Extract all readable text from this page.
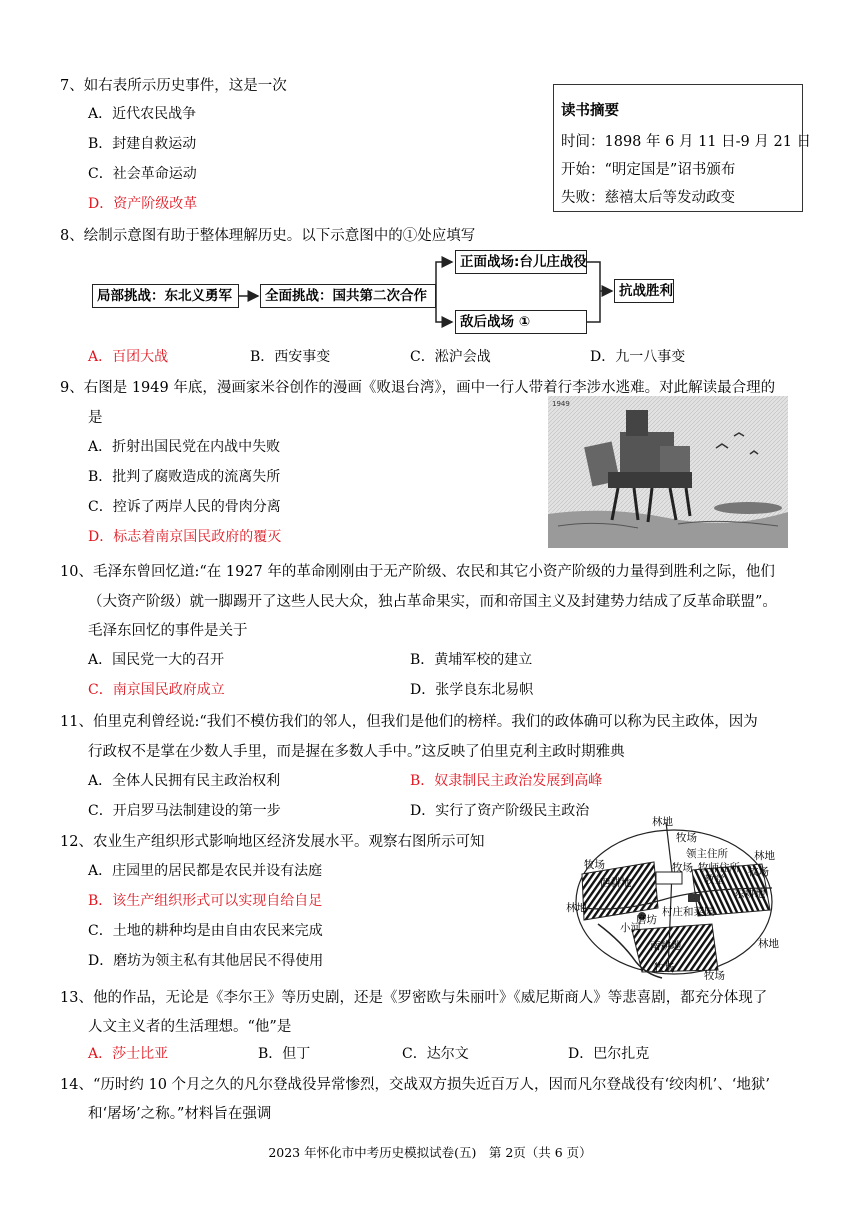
7、如右表所示历史事件，这是一次
A．近代农民战争
B．封建自救运动
C．社会革命运动
D．资产阶级改革
读书摘要
时间：1898 年 6 月 11 日-9 月 21 日
开始：“明定国是”诏书颁布
失败：慈禧太后等发动政变
8、绘制示意图有助于整体理解历史。以下示意图中的①处应填写
局部挑战：东北义勇军	全面挑战：国共第二次合作
正面战场:台儿庄战役
敌后战场 ①
抗战胜利
A．百团大战	B．西安事变	C．淞沪会战	D．九一八事变
9、右图是 1949 年底，漫画家米谷创作的漫画《败退台湾》，画中一行人带着行李涉水逃难。对此解读最合理的
是
A．折射出国民党在内战中失败
B．批判了腐败造成的流离失所
C．控诉了两岸人民的骨肉分离
D．标志着南京国民政府的覆灭
1949
10、毛泽东曾回忆道:“在 1927 年的革命刚刚由于无产阶级、农民和其它小资产阶级的力量得到胜利之际，他们
（大资产阶级）就一脚踢开了这些人民大众，独占革命果实，而和帝国主义及封建势力结成了反革命联盟”。
毛泽东回忆的事件是关于
A．国民党一大的召开	B．黄埔军校的建立
C．南京国民政府成立	D．张学良东北易帜
11、伯里克利曾经说:“我们不模仿我们的邻人，但我们是他们的榜样。我们的政体确可以称为民主政体，因为
行政权不是掌在少数人手里，而是握在多数人手中。”这反映了伯里克利主政时期雅典
A．全体人民拥有民主政治权利	B．奴隶制民主政治发展到高峰
C．开启罗马法制建设的第一步	D．实行了资产阶级民主政治
12、农业生产组织形式影响地区经济发展水平。观察右图所示可知
A．庄园里的居民都是农民并设有法庭
B．该生产组织形式可以实现自给自足
C．土地的耕种均是由自由农民来完成
D．磨坊为领主私有其他居民不得使用
林地
牧场
领主住所
牧场
西耕地
牧场 牧师住所
教堂
林地
牧场
东耕地
林地
磨坊
村庄和菜园
小河
南耕地	林地
牧场
牧场
13、他的作品，无论是《李尔王》等历史剧，还是《罗密欧与朱丽叶》《威尼斯商人》等悲喜剧，都充分体现了
人文主义者的生活理想。“他”是
A．莎士比亚	B．但丁	C．达尔文	D．巴尔扎克
14、“历时约 10 个月之久的凡尔登战役异常惨烈，交战双方损失近百万人，因而凡尔登战役有‘绞肉机’、‘地狱’
和‘屠场’之称。”材料旨在强调
2023 年怀化市中考历史模拟试卷(五)　第 2页（共 6 页）
